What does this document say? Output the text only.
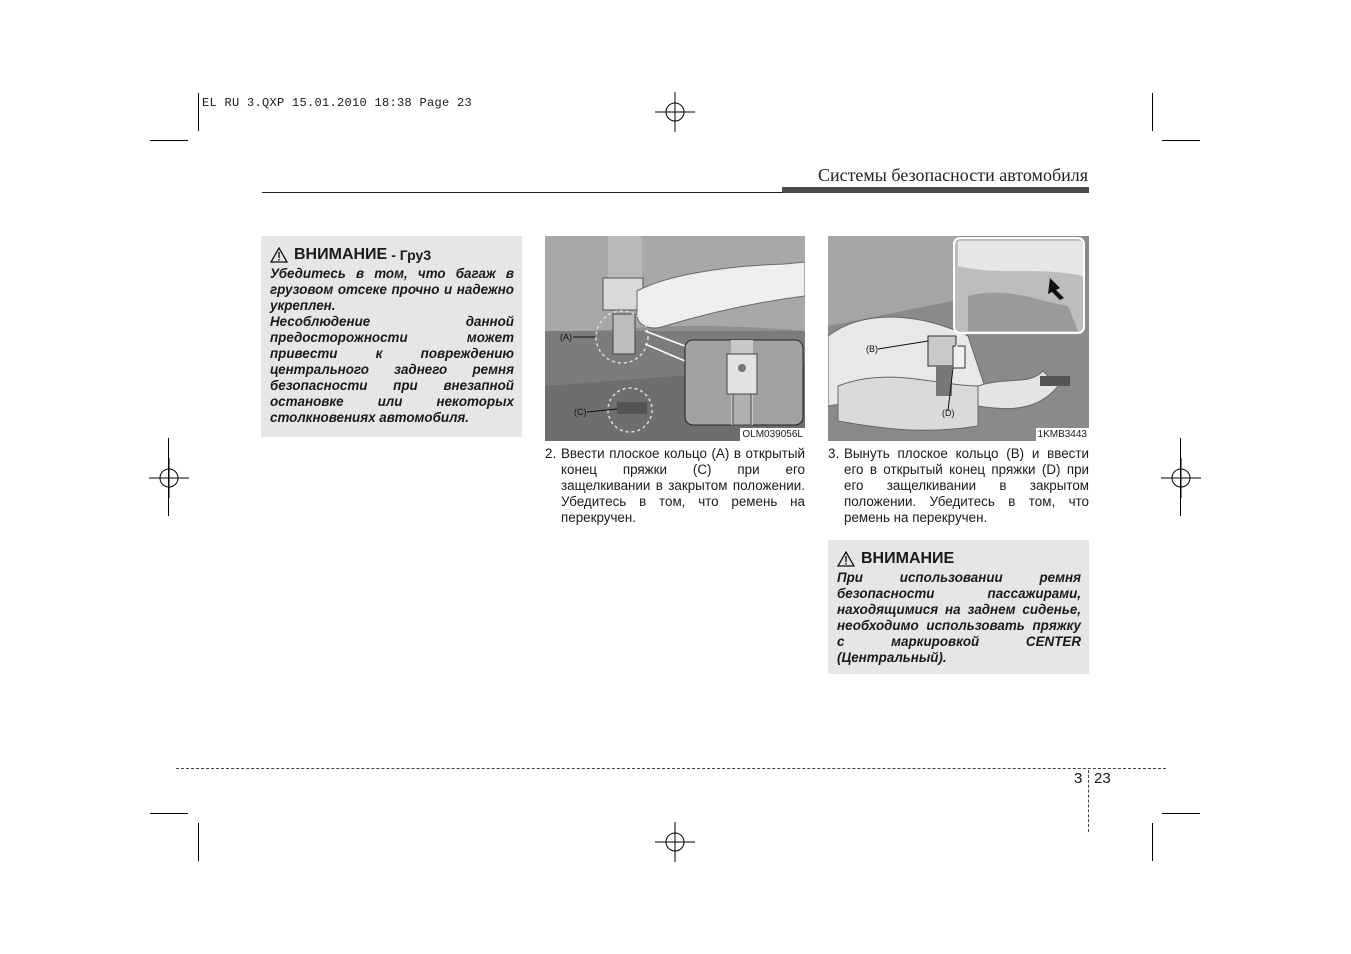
EL RU 3.QXP 15.01.2010 18:38 Page 23
Системы безопасности автомобиля
ВНИМАНИЕ - Гру3

Убедитесь в том, что багаж в грузовом отсеке прочно и надежно укреплен.

Несоблюдение данной предосторожности может привести к повреждению центрального заднего ремня безопасности при внезапной остановке или некоторых столкновениях автомобиля.

(A)
(C)
OLM039056L
(B)
(D)
1KMB3443
2. Ввести плоское кольцо (A) в открытый конец пряжки (C) при его защелкивании в закрытом положении. Убедитесь в том, что ремень на перекручен.
3. Вынуть плоское кольцо (B) и ввести его в открытый конец пряжки (D) при его защелкивании в закрытом положении. Убедитесь в том, что ремень на перекручен.
ВНИМАНИЕ

При использовании ремня безопасности пассажирами, находящимися на заднем сиденье, необходимо использовать пряжку с маркировкой CENTER (Центральный).

3 23
